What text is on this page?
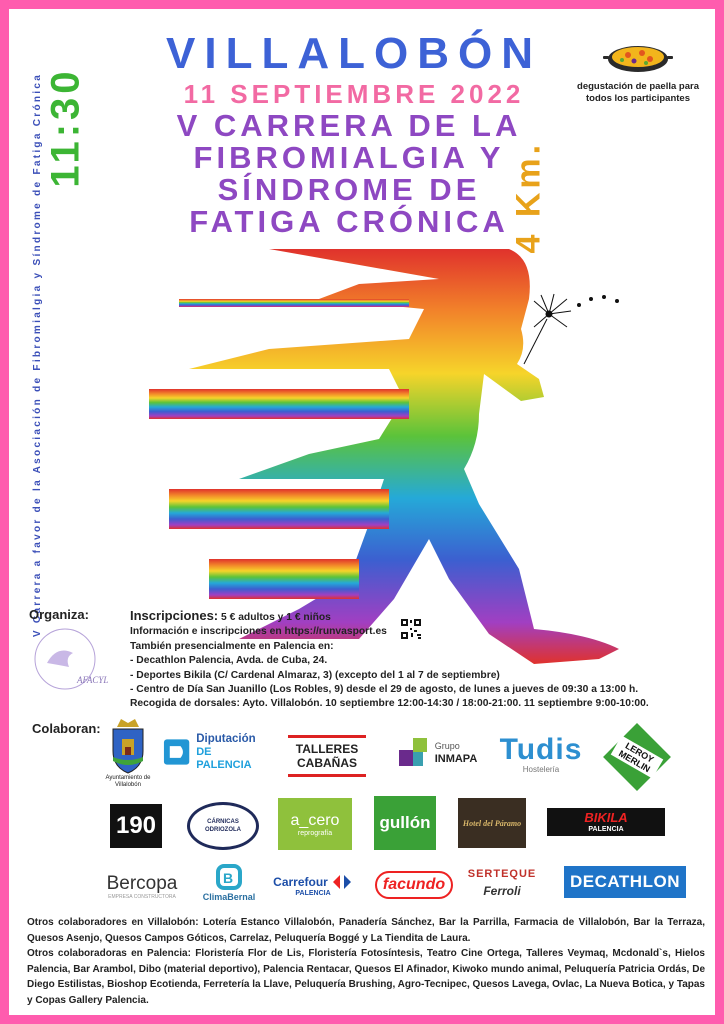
V Carrera a favor de la Asociación de Fibromialgia y Síndrome de Fatiga Crónica 11:30
4 Km.
VILLALOBÓN
11 SEPTIEMBRE 2022
V CARRERA DE LA
FIBROMIALGIA Y
SÍNDROME DE
FATIGA CRÓNICA
degustación de paella para todos los participantes
Organiza:
AFACYL
Inscripciones: 5 € adultos y 1 € niños
Información e inscripciones en https://runvasport.es
También presencialmente en Palencia en:
- Decathlon Palencia, Avda. de Cuba, 24.
- Deportes Bikila (C/ Cardenal Almaraz, 3) (excepto del 1 al 7 de septiembre)
- Centro de Día San Juanillo (Los Robles, 9) desde el 29 de agosto, de lunes a jueves de 09:30 a 13:00 h.
Recogida de dorsales: Ayto. Villalobón. 10 septiembre 12:00-14:30 / 18:00-21:00. 11 septiembre 9:00-10:00.
Colaboran:
Ayuntamiento de Villalobón
Diputación
DE PALENCIA
TALLERES CABAÑAS
Grupo
INMAPA Tudis
Hostelería
LEROY MERLIN
190	CÁRNICAS ODRIOZOLA
a_cero
reprografía
gullón	Hotel del Páramo	BIKILA
PALENCIA
Bercopa
EMPRESA CONSTRUCTORA
B
ClimaBernal
Carrefour
PALENCIA	facundo
SERTEQUE
Ferroli	DECATHLON
Otros colaboradores en Villalobón: Lotería Estanco Villalobón, Panadería Sánchez, Bar la Parrilla, Farmacia de Villalobón, Bar la Terraza, Quesos Asenjo, Quesos Campos Góticos, Carrelaz, Peluquería Boggé y La Tiendita de Laura.
Otros colaboradoras en Palencia: Floristería Flor de Lis, Floristería Fotosíntesis, Teatro Cine Ortega, Talleres Veymaq, Mcdonald`s, Hielos Palencia, Bar Arambol, Dibo (material deportivo), Palencia Rentacar, Quesos El Afinador, Kiwoko mundo animal, Peluquería Patricia Ordás, De Diego Estilistas, Bioshop Ecotienda, Ferretería la Llave, Peluquería Brushing, Agro-Tecnipec, Quesos Lavega, Ovlac, La Nueva Botica, y Tapas y Copas Gallery Palencia.
